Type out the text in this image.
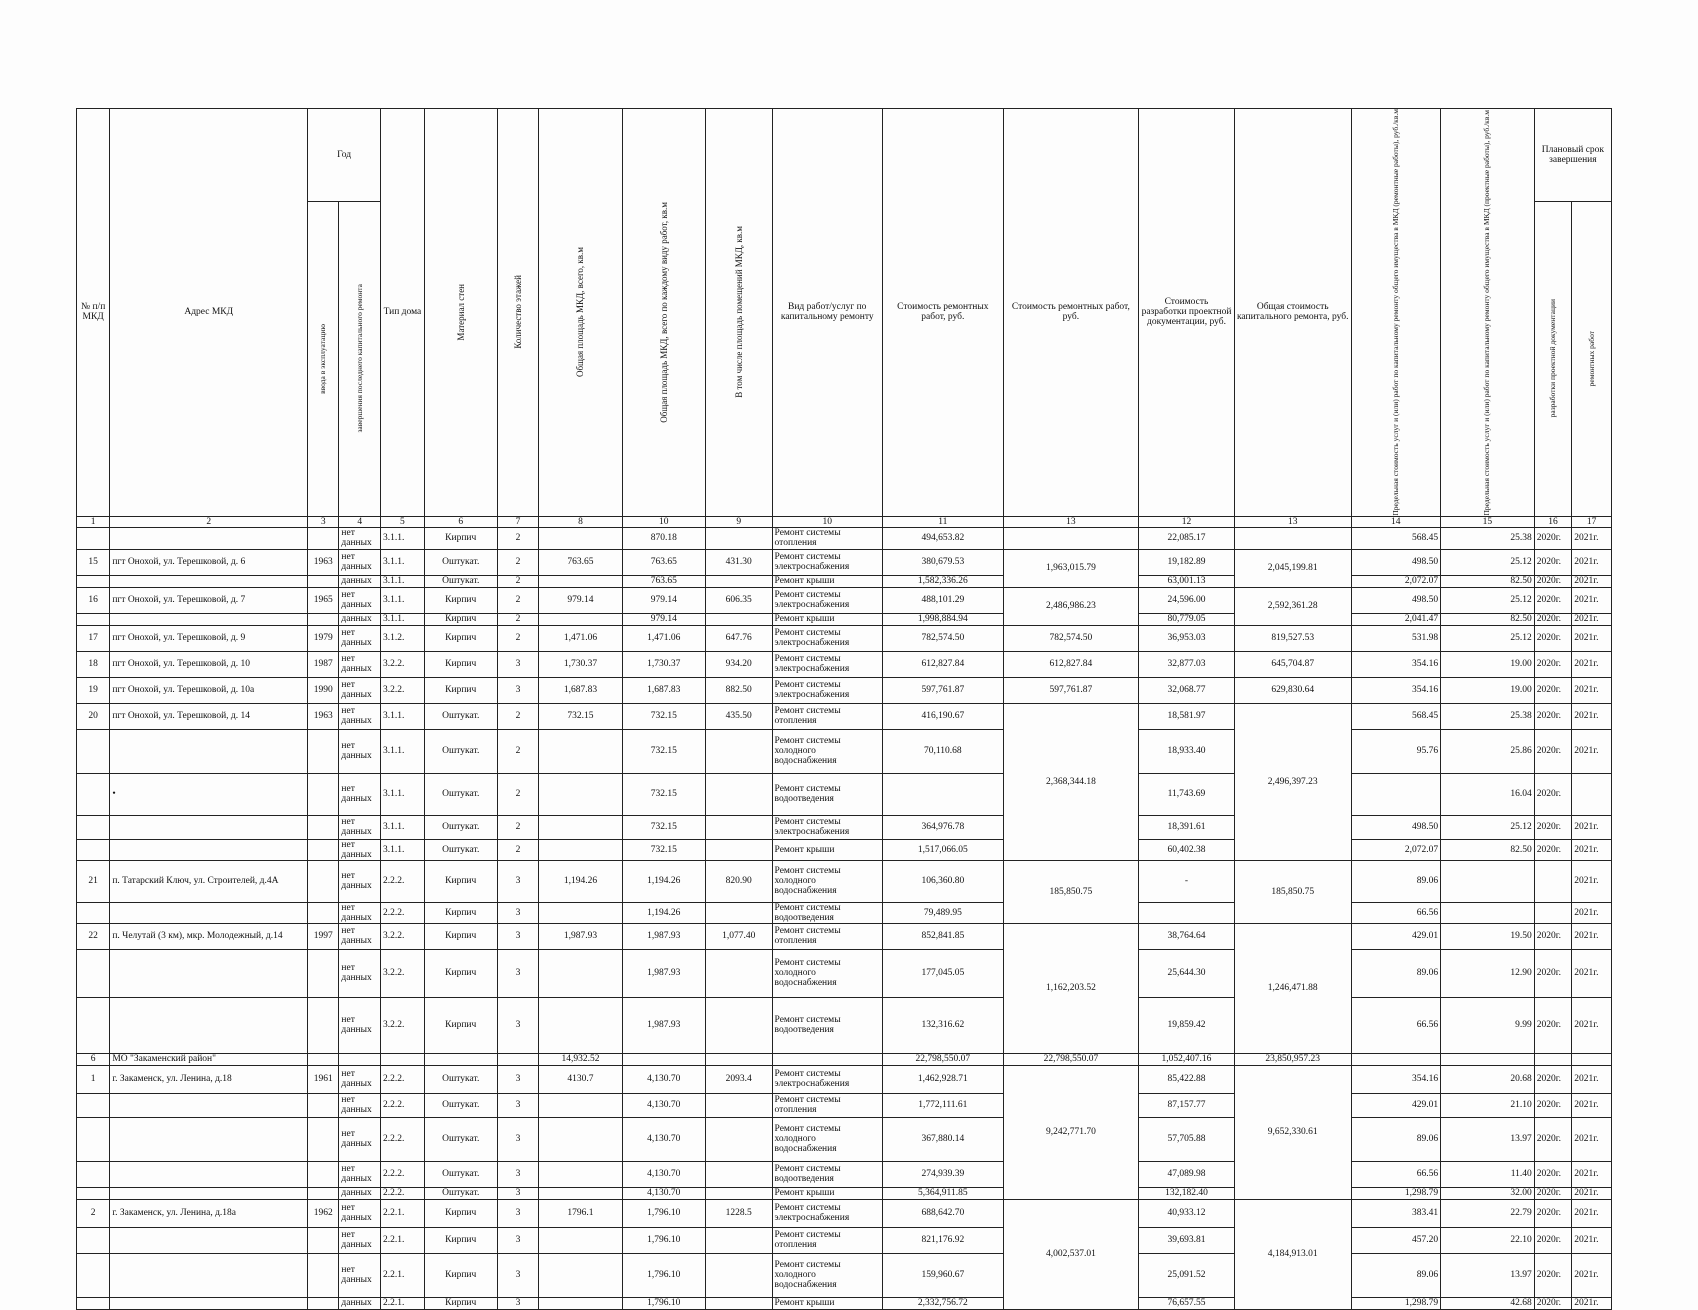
№ п/п МКД	Адрес МКД	Год		Тип дома	Материал стен	Количество этажей	Общая площадь МКД, всего, кв.м	Общая площадь МКД, всего по каждому виду работ, кв.м	В том числе площадь помещений МКД, кв.м	Вид работ/услуг по капитальному ремонту	Стоимость ремонтных работ, руб.	Стоимость ремонтных работ, руб.	Стоимость разработки проектной документации, руб.	Общая стоимость капитального ремонта, руб.	Предельная стоимость услуг и (или) работ по капитальному ремонту общего имущества в МКД (ремонтные работы), руб./кв.м	Предельная стоимость услуг и (или) работ по капитальному ремонту общего имущества в МКД (проектные работы), руб./кв.м	Плановый срок завершения	

		ввода в эксплуатацию	завершения последнего капитального ремонта														разработки проектной документации	ремонтных работ

1	2	3	4	5	6	7	8	10	9	10	11	13	12	13	14	15	16	17
			нет данных	3.1.1.	Кирпич	2		870.18		Ремонт системы отопления	494,653.82		22,085.17		568.45	25.38	2020г.	2021г.
15	пгт Онохой, ул. Терешковой, д. 6	1963	нет данных	3.1.1.	Оштукат.	2	763.65	763.65	431.30	Ремонт системы электроснабжения	380,679.53	1,963,015.79	19,182.89	2,045,199.81	498.50	25.12	2020г.	2021г.
			данных	3.1.1.	Оштукат.	2		763.65		Ремонт крыши	1,582,336.26		63,001.13		2,072.07	82.50	2020г.	2021г.
16	пгт Онохой, ул. Терешковой, д. 7	1965	нет данных	3.1.1.	Кирпич	2	979.14	979.14	606.35	Ремонт системы электроснабжения	488,101.29	2,486,986.23	24,596.00	2,592,361.28	498.50	25.12	2020г.	2021г.
			данных	3.1.1.	Кирпич	2		979.14		Ремонт крыши	1,998,884.94		80,779.05		2,041.47	82.50	2020г.	2021г.
17	пгт Онохой, ул. Терешковой, д. 9	1979	нет данных	3.1.2.	Кирпич	2	1,471.06	1,471.06	647.76	Ремонт системы электроснабжения	782,574.50	782,574.50	36,953.03	819,527.53	531.98	25.12	2020г.	2021г.
18	пгт Онохой, ул. Терешковой, д. 10	1987	нет данных	3.2.2.	Кирпич	3	1,730.37	1,730.37	934.20	Ремонт системы электроснабжения	612,827.84	612,827.84	32,877.03	645,704.87	354.16	19.00	2020г.	2021г.
19	пгт Онохой, ул. Терешковой, д. 10а	1990	нет данных	3.2.2.	Кирпич	3	1,687.83	1,687.83	882.50	Ремонт системы электроснабжения	597,761.87	597,761.87	32,068.77	629,830.64	354.16	19.00	2020г.	2021г.
20	пгт Онохой, ул. Терешковой, д. 14	1963	нет данных	3.1.1.	Оштукат.	2	732.15	732.15	435.50	Ремонт системы отопления	416,190.67	2,368,344.18	18,581.97	2,496,397.23	568.45	25.38	2020г.	2021г.
			нет данных	3.1.1.	Оштукат.	2		732.15		Ремонт системы холодного водоснабжения	70,110.68		18,933.40		95.76	25.86	2020г.	2021г.
	•		нет данных	3.1.1.	Оштукат.	2		732.15		Ремонт системы водоотведения			11,743.69			16.04	2020г.	
			нет данных	3.1.1.	Оштукат.	2		732.15		Ремонт системы электроснабжения	364,976.78		18,391.61		498.50	25.12	2020г.	2021г.
			нет данных	3.1.1.	Оштукат.	2		732.15		Ремонт крыши	1,517,066.05		60,402.38		2,072.07	82.50	2020г.	2021г.
21	п. Татарский Ключ, ул. Строителей, д.4А		нет данных	2.2.2.	Кирпич	3	1,194.26	1,194.26	820.90	Ремонт системы холодного водоснабжения	106,360.80	185,850.75	-	185,850.75	89.06			2021г.
			нет данных	2.2.2.	Кирпич	3		1,194.26		Ремонт системы водоотведения	79,489.95				66.56			2021г.
22	п. Челутай (3 км), мкр. Молодежный, д.14	1997	нет данных	3.2.2.	Кирпич	3	1,987.93	1,987.93	1,077.40	Ремонт системы отопления	852,841.85	1,162,203.52	38,764.64	1,246,471.88	429.01	19.50	2020г.	2021г.
			нет данных	3.2.2.	Кирпич	3		1,987.93		Ремонт системы холодного водоснабжения	177,045.05		25,644.30		89.06	12.90	2020г.	2021г.
			нет данных	3.2.2.	Кирпич	3		1,987.93		Ремонт системы водоотведения	132,316.62		19,859.42		66.56	9.99	2020г.	2021г.
6	МО "Закаменский район"						14,932.52				22,798,550.07	22,798,550.07	1,052,407.16	23,850,957.23				
1	г. Закаменск, ул. Ленина, д.18	1961	нет данных	2.2.2.	Оштукат.	3	4130.7	4,130.70	2093.4	Ремонт системы электроснабжения	1,462,928.71	9,242,771.70	85,422.88	9,652,330.61	354.16	20.68	2020г.	2021г.
			нет данных	2.2.2.	Оштукат.	3		4,130.70		Ремонт системы отопления	1,772,111.61		87,157.77		429.01	21.10	2020г.	2021г.
			нет данных	2.2.2.	Оштукат.	3		4,130.70		Ремонт системы холодного водоснабжения	367,880.14		57,705.88		89.06	13.97	2020г.	2021г.
			нет данных	2.2.2.	Оштукат.	3		4,130.70		Ремонт системы водоотведения	274,939.39		47,089.98		66.56	11.40	2020г.	2021г.
			данных	2.2.2.	Оштукат.	3		4,130.70		Ремонт крыши	5,364,911.85		132,182.40		1,298.79	32.00	2020г.	2021г.
2	г. Закаменск, ул. Ленина, д.18а	1962	нет данных	2.2.1.	Кирпич	3	1796.1	1,796.10	1228.5	Ремонт системы электроснабжения	688,642.70	4,002,537.01	40,933.12	4,184,913.01	383.41	22.79	2020г.	2021г.
			нет данных	2.2.1.	Кирпич	3		1,796.10		Ремонт системы отопления	821,176.92		39,693.81		457.20	22.10	2020г.	2021г.
			нет данных	2.2.1.	Кирпич	3		1,796.10		Ремонт системы холодного водоснабжения	159,960.67		25,091.52		89.06	13.97	2020г.	2021г.
			данных	2.2.1.	Кирпич	3		1,796.10		Ремонт крыши	2,332,756.72		76,657.55		1,298.79	42.68	2020г.	2021г.
